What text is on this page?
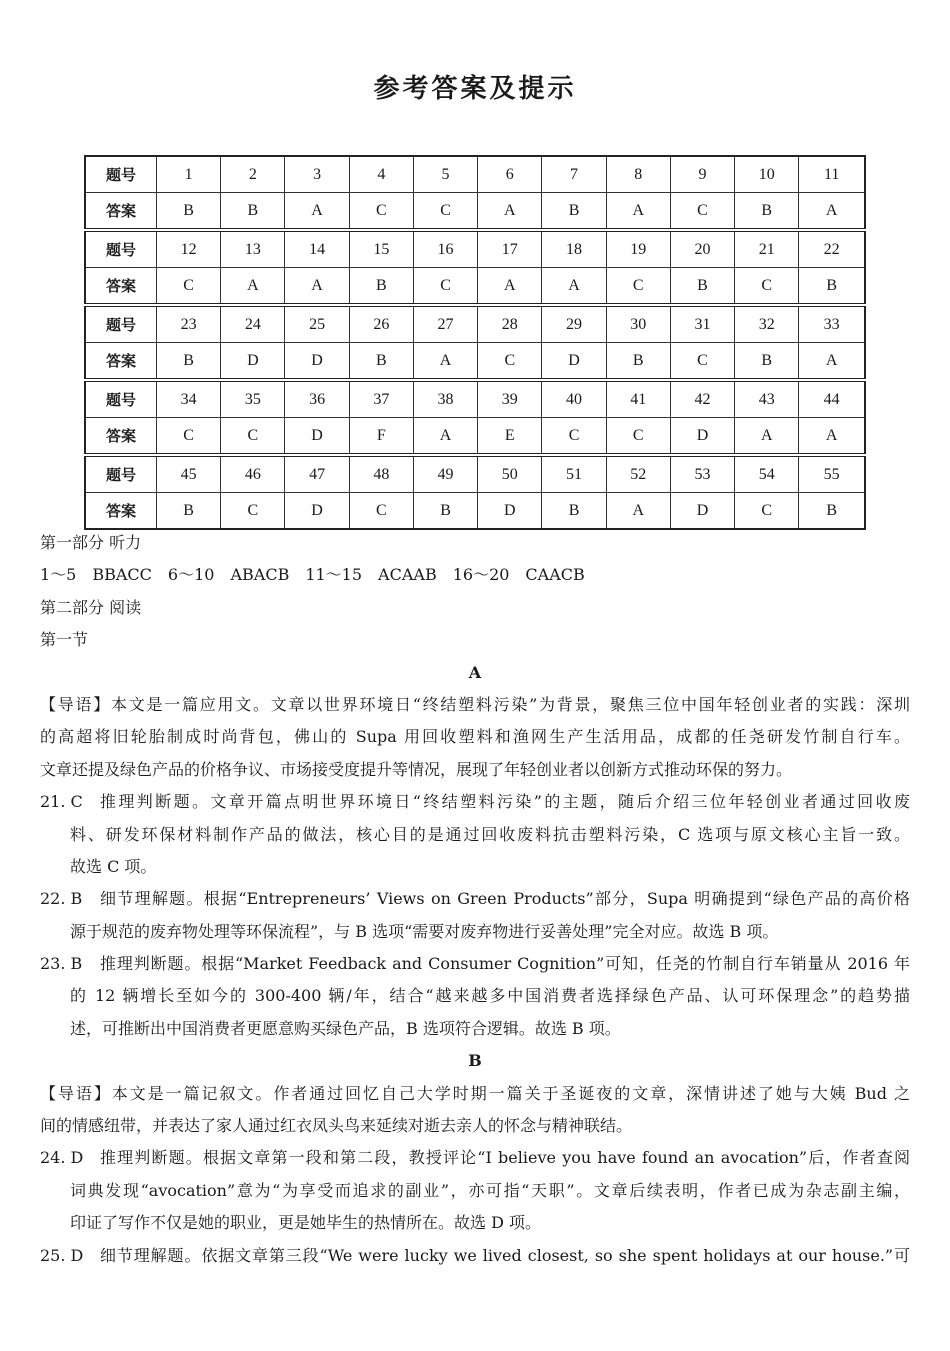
参考答案及提示
题号	1	2	3	4	5	6	7	8	9	10	11
答案	B	B	A	C	C	A	B	A	C	B	A
题号	12	13	14	15	16	17	18	19	20	21	22
答案	C	A	A	B	C	A	A	C	B	C	B
题号	23	24	25	26	27	28	29	30	31	32	33
答案	B	D	D	B	A	C	D	B	C	B	A
题号	34	35	36	37	38	39	40	41	42	43	44
答案	C	C	D	F	A	E	C	C	D	A	A
题号	45	46	47	48	49	50	51	52	53	54	55
答案	B	C	D	C	B	D	B	A	D	C	B
第一部分 听力
1～5　BBACC　6～10　ABACB　11～15　ACAAB　16～20　CAACB
第二部分 阅读
第一节
A
【导语】本文是一篇应用文。文章以世界环境日“终结塑料污染”为背景，聚焦三位中国年轻创业者的实践：深圳
的高超将旧轮胎制成时尚背包，佛山的 Supa 用回收塑料和渔网生产生活用品，成都的任尧研发竹制自行车。
文章还提及绿色产品的价格争议、市场接受度提升等情况，展现了年轻创业者以创新方式推动环保的努力。
21. C	推理判断题。文章开篇点明世界环境日“终结塑料污染”的主题，随后介绍三位年轻创业者通过回收废
料、研发环保材料制作产品的做法，核心目的是通过回收废料抗击塑料污染，C 选项与原文核心主旨一致。
故选 C 项。
22. B	细节理解题。根据“Entrepreneurs’ Views on Green Products”部分，Supa 明确提到“绿色产品的高价格
源于规范的废弃物处理等环保流程”，与 B 选项“需要对废弃物进行妥善处理”完全对应。故选 B 项。
23. B	推理判断题。根据“Market Feedback and Consumer Cognition”可知，任尧的竹制自行车销量从 2016 年
的 12 辆增长至如今的 300-400 辆/年，结合“越来越多中国消费者选择绿色产品、认可环保理念”的趋势描
述，可推断出中国消费者更愿意购买绿色产品，B 选项符合逻辑。故选 B 项。
B
【导语】本文是一篇记叙文。作者通过回忆自己大学时期一篇关于圣诞夜的文章，深情讲述了她与大姨 Bud 之
间的情感纽带，并表达了家人通过红衣凤头鸟来延续对逝去亲人的怀念与精神联结。
24. D	推理判断题。根据文章第一段和第二段，教授评论“I believe you have found an avocation”后，作者查阅
词典发现“avocation”意为“为享受而追求的副业”，亦可指“天职”。文章后续表明，作者已成为杂志副主编，
印证了写作不仅是她的职业，更是她毕生的热情所在。故选 D 项。
25. D	细节理解题。依据文章第三段“We were lucky we lived closest, so she spent holidays at our house.”可
